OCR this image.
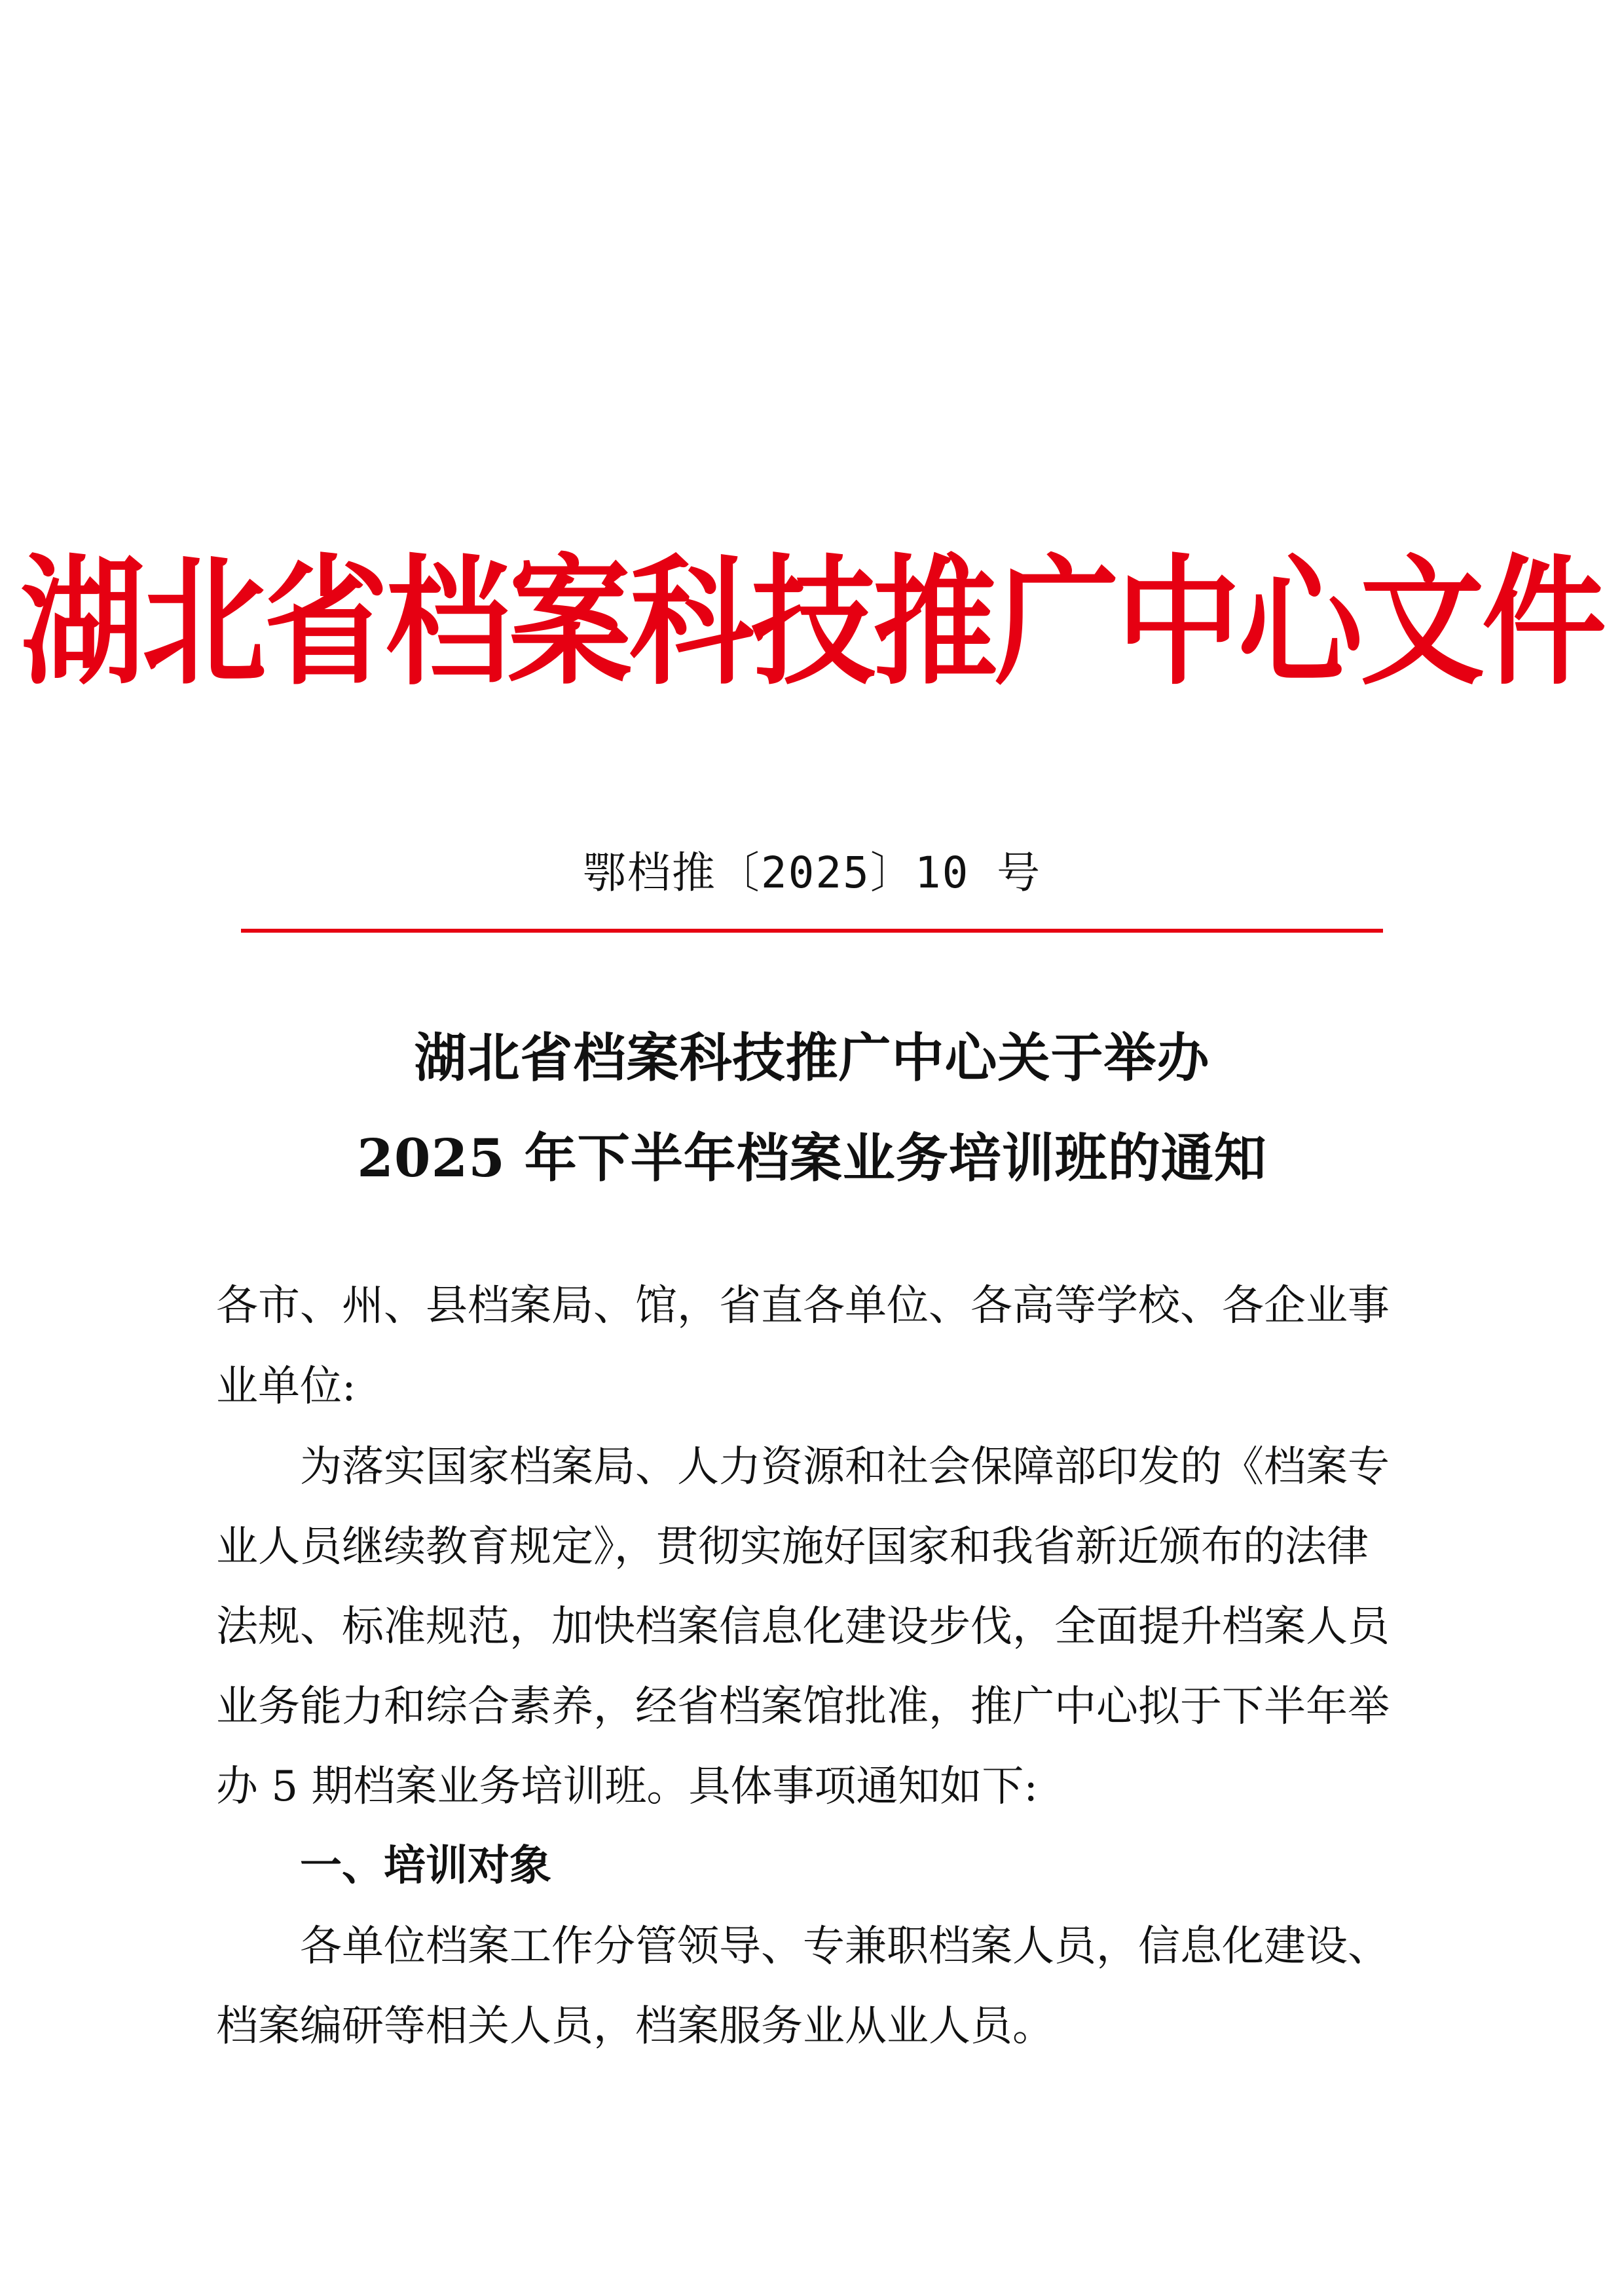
湖北省档案科技推广中心文件
鄂档推〔2025〕10 号
湖北省档案科技推广中心关于举办
2025 年下半年档案业务培训班的通知
各市、州、县档案局、馆，省直各单位、各高等学校、各企业事
业单位:
为落实国家档案局、人力资源和社会保障部印发的《档案专
业人员继续教育规定》，贯彻实施好国家和我省新近颁布的法律
法规、标准规范，加快档案信息化建设步伐，全面提升档案人员
业务能力和综合素养，经省档案馆批准，推广中心拟于下半年举
办 5 期档案业务培训班。具体事项通知如下:
一、培训对象
各单位档案工作分管领导、专兼职档案人员，信息化建设、
档案编研等相关人员，档案服务业从业人员。
